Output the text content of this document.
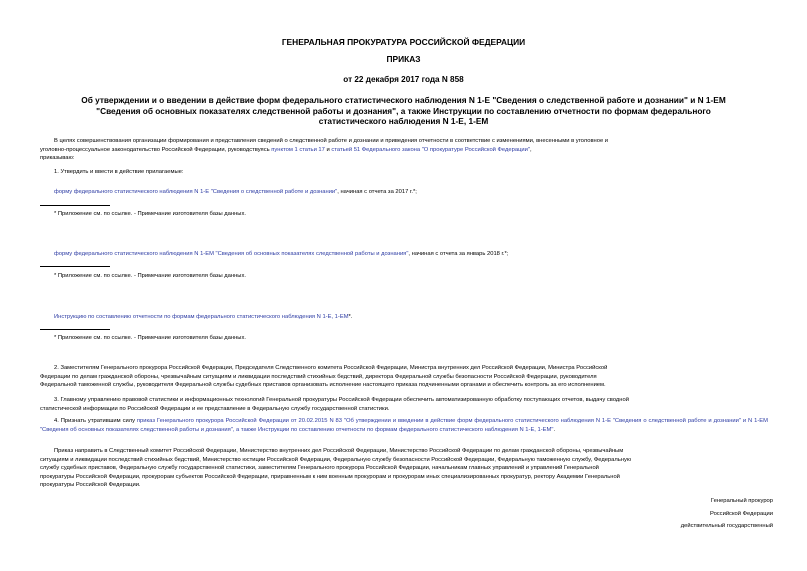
ГЕНЕРАЛЬНАЯ ПРОКУРАТУРА РОССИЙСКОЙ ФЕДЕРАЦИИ
ПРИКАЗ
от 22 декабря 2017 года N 858
Об утверждении и о введении в действие форм федерального статистического наблюдения N 1-Е "Сведения о следственной работе и дознании" и N 1-ЕМ
"Сведения об основных показателях следственной работы и дознания", а также Инструкции по составлению отчетности по формам федерального
статистического наблюдения N 1-Е, 1-ЕМ
В целях совершенствования организации формирования и представления сведений о следственной работе и дознании и приведения отчетности в соответствие с изменениями, внесенными в уголовное и
уголовно-процессуальное законодательство Российской Федерации, руководствуясь пунктом 1 статьи 17 и статьей 51 Федерального закона "О прокуратуре Российской Федерации",
приказываю:
1. Утвердить и ввести в действие прилагаемые:
форму федерального статистического наблюдения N 1-Е "Сведения о следственной работе и дознании", начиная с отчета за 2017 г.*;
* Приложение см. по ссылке. - Примечание изготовителя базы данных.
форму федерального статистического наблюдения N 1-ЕМ "Сведения об основных показателях следственной работы и дознания", начиная с отчета за январь 2018 г.*;
* Приложение см. по ссылке. - Примечание изготовителя базы данных.
Инструкцию по составлению отчетности по формам федерального статистического наблюдения N 1-Е, 1-ЕМ*.
* Приложение см. по ссылке. - Примечание изготовителя базы данных.
2. Заместителям Генерального прокурора Российской Федерации, Председателя Следственного комитета Российской Федерации, Министра внутренних дел Российской Федерации, Министра Российской
Федерации по делам гражданской обороны, чрезвычайным ситуациям и ликвидации последствий стихийных бедствий, директора Федеральной службы безопасности Российской Федерации, руководителя
Федеральной таможенной службы, руководителя Федеральной службы судебных приставов организовать исполнение настоящего приказа подчиненными органами и обеспечить контроль за его исполнением.
3. Главному управлению правовой статистики и информационных технологий Генеральной прокуратуры Российской Федерации обеспечить автоматизированную обработку поступающих отчетов, выдачу сводной
статистической информации по Российской Федерации и ее представление в Федеральную службу государственной статистики.
4. Признать утратившим силу приказ Генерального прокурора Российской Федерации от 20.02.2015 N 83 "Об утверждении и введении в действие форм федерального статистического наблюдения N 1-Е "Сведения о следственной работе и дознании" и N 1-ЕМ "Сведения об основных показателях следственной работы и дознания", а также Инструкции по составлению отчетности по формам федерального статистического наблюдения N 1-Е, 1-ЕМ".
Приказ направить в Следственный комитет Российской Федерации, Министерство внутренних дел Российской Федерации, Министерство Российской Федерации по делам гражданской обороны, чрезвычайным
ситуациям и ликвидации последствий стихийных бедствий, Министерство юстиции Российской Федерации, Федеральную службу безопасности Российской Федерации, Федеральную таможенную службу, Федеральную
службу судебных приставов, Федеральную службу государственной статистики, заместителям Генерального прокурора Российской Федерации, начальникам главных управлений и управлений Генеральной
прокуратуры Российской Федерации, прокурорам субъектов Российской Федерации, приравненным к ним военным прокурорам и прокурорам иных специализированных прокуратур, ректору Академии Генеральной
прокуратуры Российской Федерации.
Генеральный прокурор
Российской Федерации
действительный государственный
